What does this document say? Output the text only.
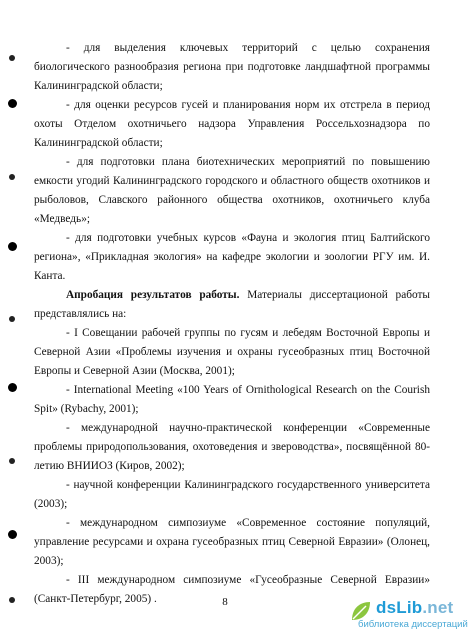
- для выделения ключевых территорий с целью сохранения биологического разнообразия региона при подготовке ландшафтной программы Калининградской области;

- для оценки ресурсов гусей и планирования норм их отстрела в период охоты Отделом охотничьего надзора Управления Россельхознадзора по Калининградской области;

- для подготовки плана биотехнических мероприятий по повышению емкости угодий Калининградского городского и областного обществ охотников и рыболовов, Славского районного общества охотников, охотничьего клуба «Медведь»;

- для подготовки учебных курсов «Фауна и экология птиц Балтийского региона», «Прикладная экология» на кафедре экологии и зоологии РГУ им. И. Канта.

Апробация результатов работы. Материалы диссертационой работы представлялись на:

- I Совещании рабочей группы по гусям и лебедям Восточной Европы и Северной Азии «Проблемы изучения и охраны гусеобразных птиц Восточной Европы и Северной Азии (Москва, 2001);

- International Meeting «100 Years of Ornithological Research on the Courish Spit» (Rybachy, 2001);

- международной научно-практической конференции «Современные проблемы природопользования, охотоведения и звероводства», посвящённой 80-летию ВНИИОЗ (Киров, 2002);

- научной конференции Калининградского государственного университета (2003);

- международном симпозиуме «Современное состояние популяций, управление ресурсами и охрана гусеобразных птиц Северной Евразии» (Олонец, 2003);

- III международном симпозиуме «Гусеобразные Северной Евразии» (Санкт-Петербург, 2005) .	8	dsLib.net
библиотека диссертаций
